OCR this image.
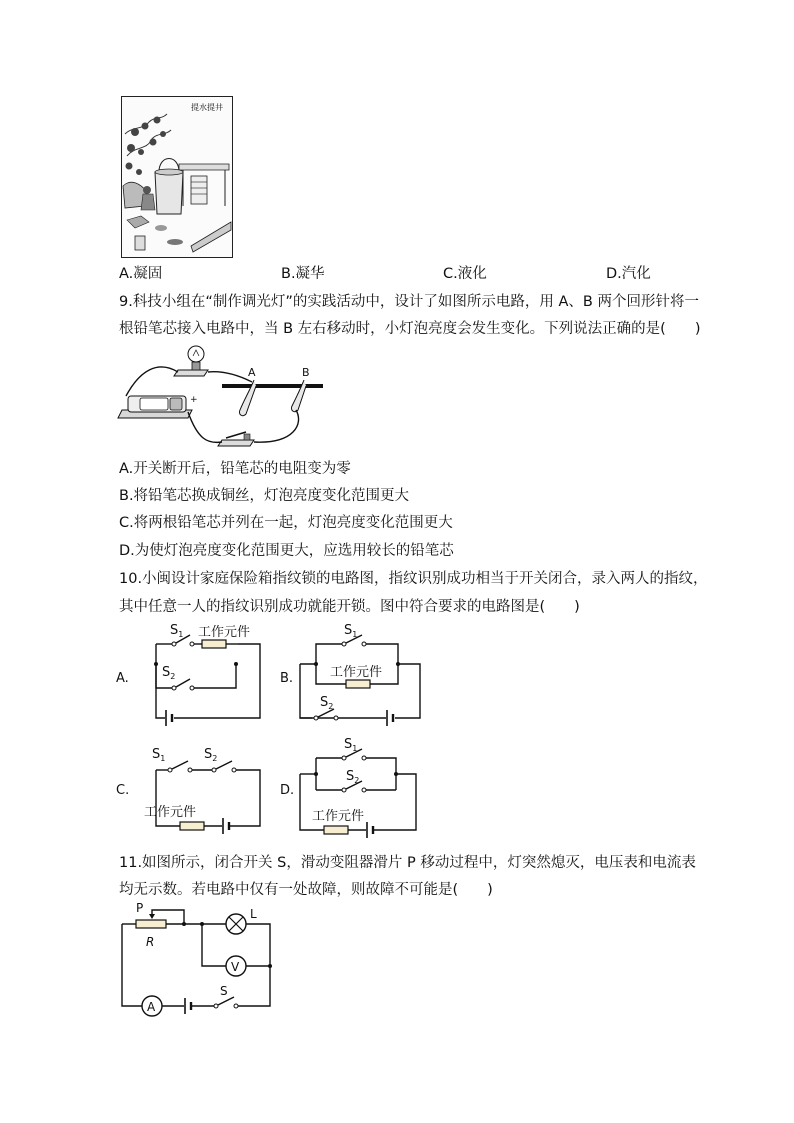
提水提井
A.凝固	B.凝华	C.液化	D.汽化
9.科技小组在“制作调光灯”的实践活动中，设计了如图所示电路，用 A、B 两个回形针将一
根铅笔芯接入电路中，当 B 左右移动时，小灯泡亮度会发生变化。下列说法正确的是(　　)
+
A	B
A.开关断开后，铅笔芯的电阻变为零
B.将铅笔芯换成铜丝，灯泡亮度变化范围更大
C.将两根铅笔芯并列在一起，灯泡亮度变化范围更大
D.为使灯泡亮度变化范围更大，应选用较长的铅笔芯
10.小闽设计家庭保险箱指纹锁的电路图，指纹识别成功相当于开关闭合，录入两人的指纹，
其中任意一人的指纹识别成功就能开锁。图中符合要求的电路图是(　　)
A.
$S_1$ 工作元件
$S_2$	B.
$S_1$
工作元件
$S_2$
C.
$S_1$	$S_2$
工作元件
D.
$S_1$
$S_2$
工作元件
11.如图所示，闭合开关 S，滑动变阻器滑片 P 移动过程中，灯突然熄灭，电压表和电流表
均无示数。若电路中仅有一处故障，则故障不可能是(　　)
P
R
L
V
A
S
